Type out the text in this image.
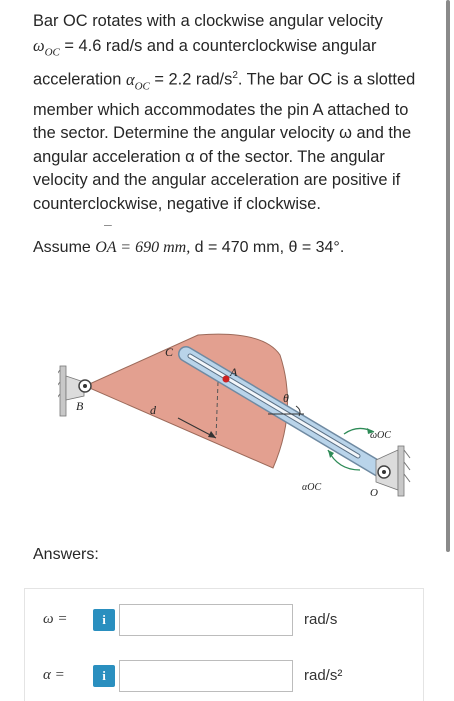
Bar OC rotates with a clockwise angular velocity

$\omega_{OC} = 4.6$ rad/s and a counterclockwise angular

acceleration $\alpha_{OC} = 2.2$ rad/$s^2$. The bar OC is a slotted

member which accommodates the pin A attached to

the sector. Determine the angular velocity ω and the

angular acceleration α of the sector. The angular

velocity and the angular acceleration are positive if

counterclockwise, negative if clockwise.

–
Assume OA = 690 mm, d = 470 mm, θ = 34°.
B
C
A
d
θ
ωOC
αOC	O
Answers:
ω =	i	rad/s
α =	i	rad/s²
